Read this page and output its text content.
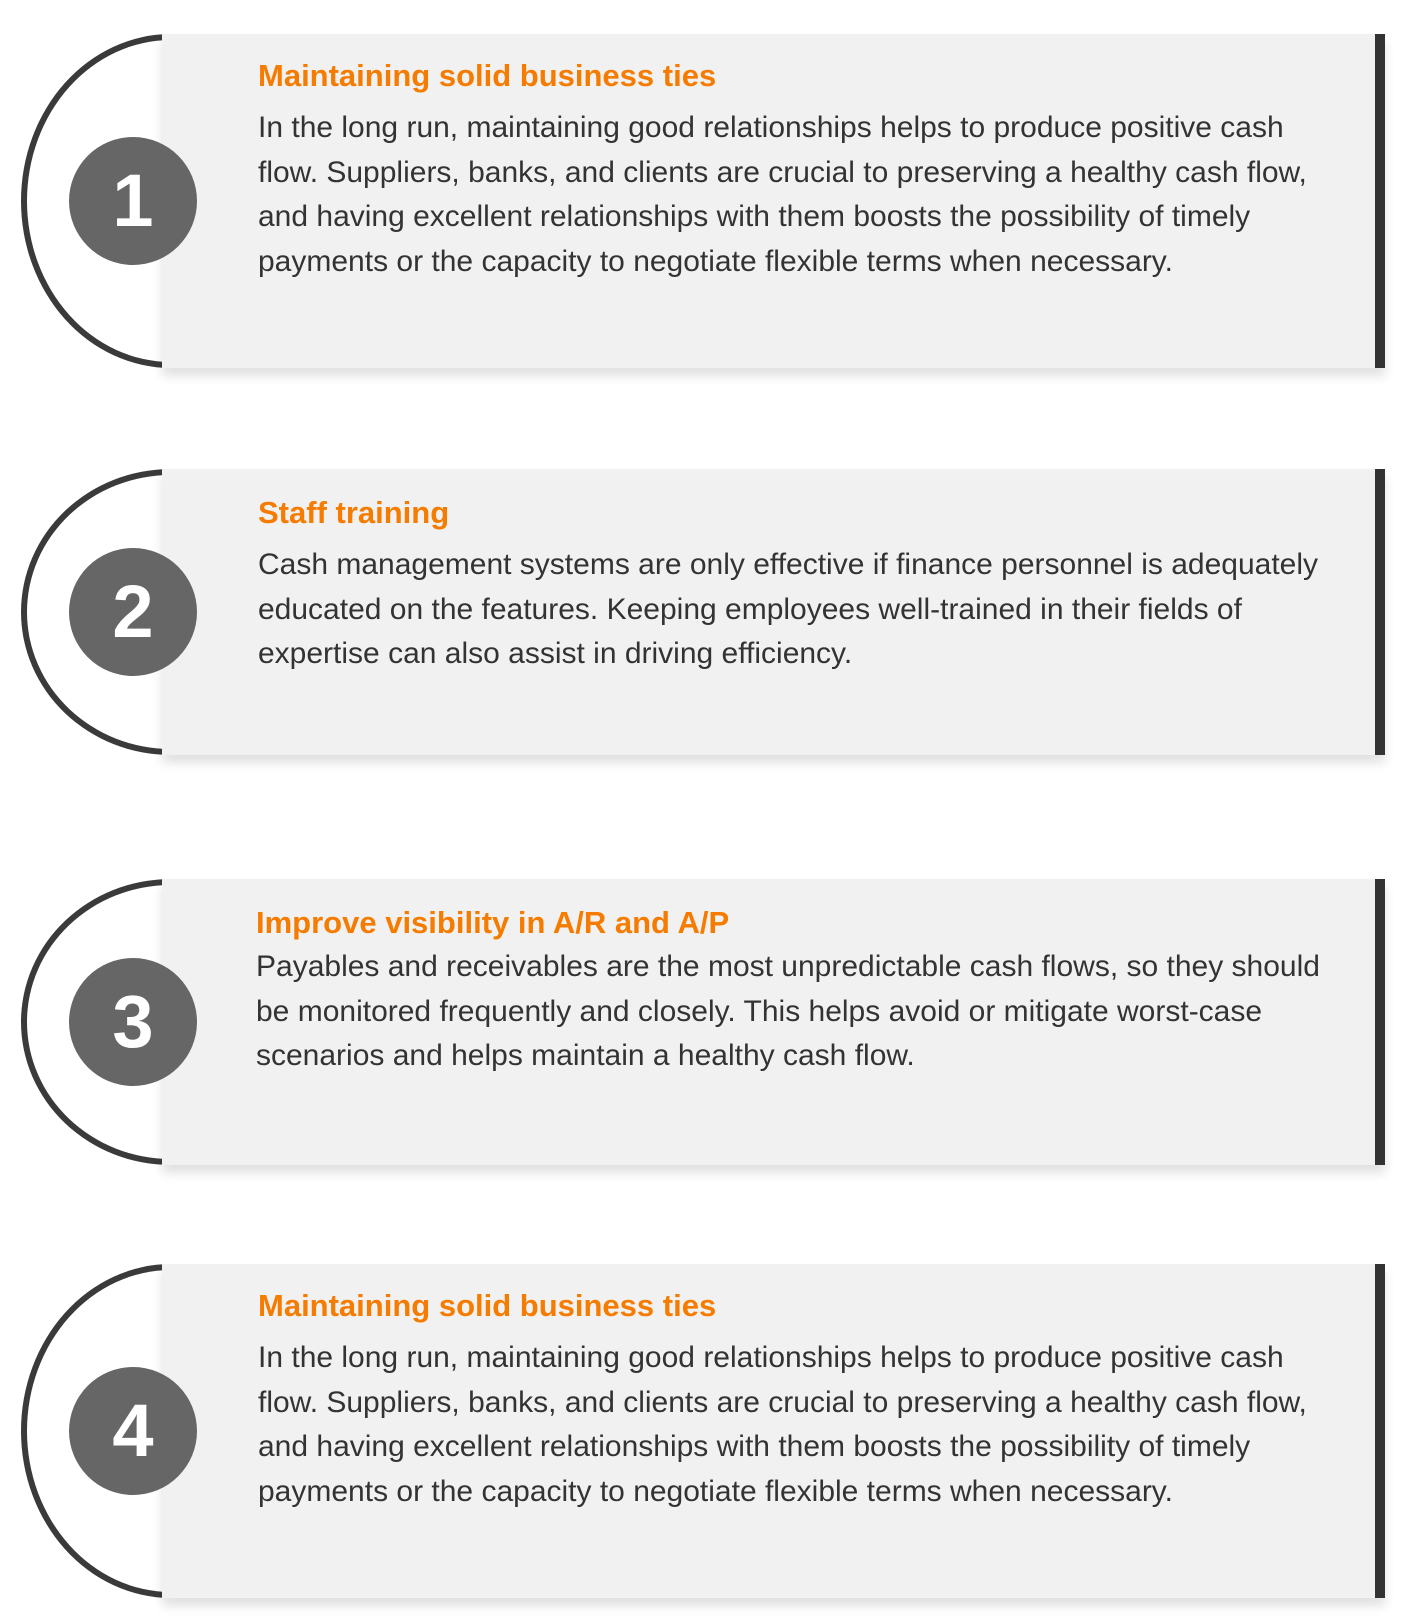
1
Maintaining solid business ties
In the long run, maintaining good relationships helps to produce positive cash flow. Suppliers, banks, and clients are crucial to preserving a healthy cash flow, and having excellent relationships with them boosts the possibility of timely payments or the capacity to negotiate flexible terms when necessary.
2
Staff training
Cash management systems are only effective if finance personnel is adequately educated on the features. Keeping employees well-trained in their fields of expertise can also assist in driving efficiency.
3
Improve visibility in A/R and A/P
Payables and receivables are the most unpredictable cash flows, so they should be monitored frequently and closely. This helps avoid or mitigate worst-case scenarios and helps maintain a healthy cash flow.
4
Maintaining solid business ties
In the long run, maintaining good relationships helps to produce positive cash flow. Suppliers, banks, and clients are crucial to preserving a healthy cash flow, and having excellent relationships with them boosts the possibility of timely payments or the capacity to negotiate flexible terms when necessary.
